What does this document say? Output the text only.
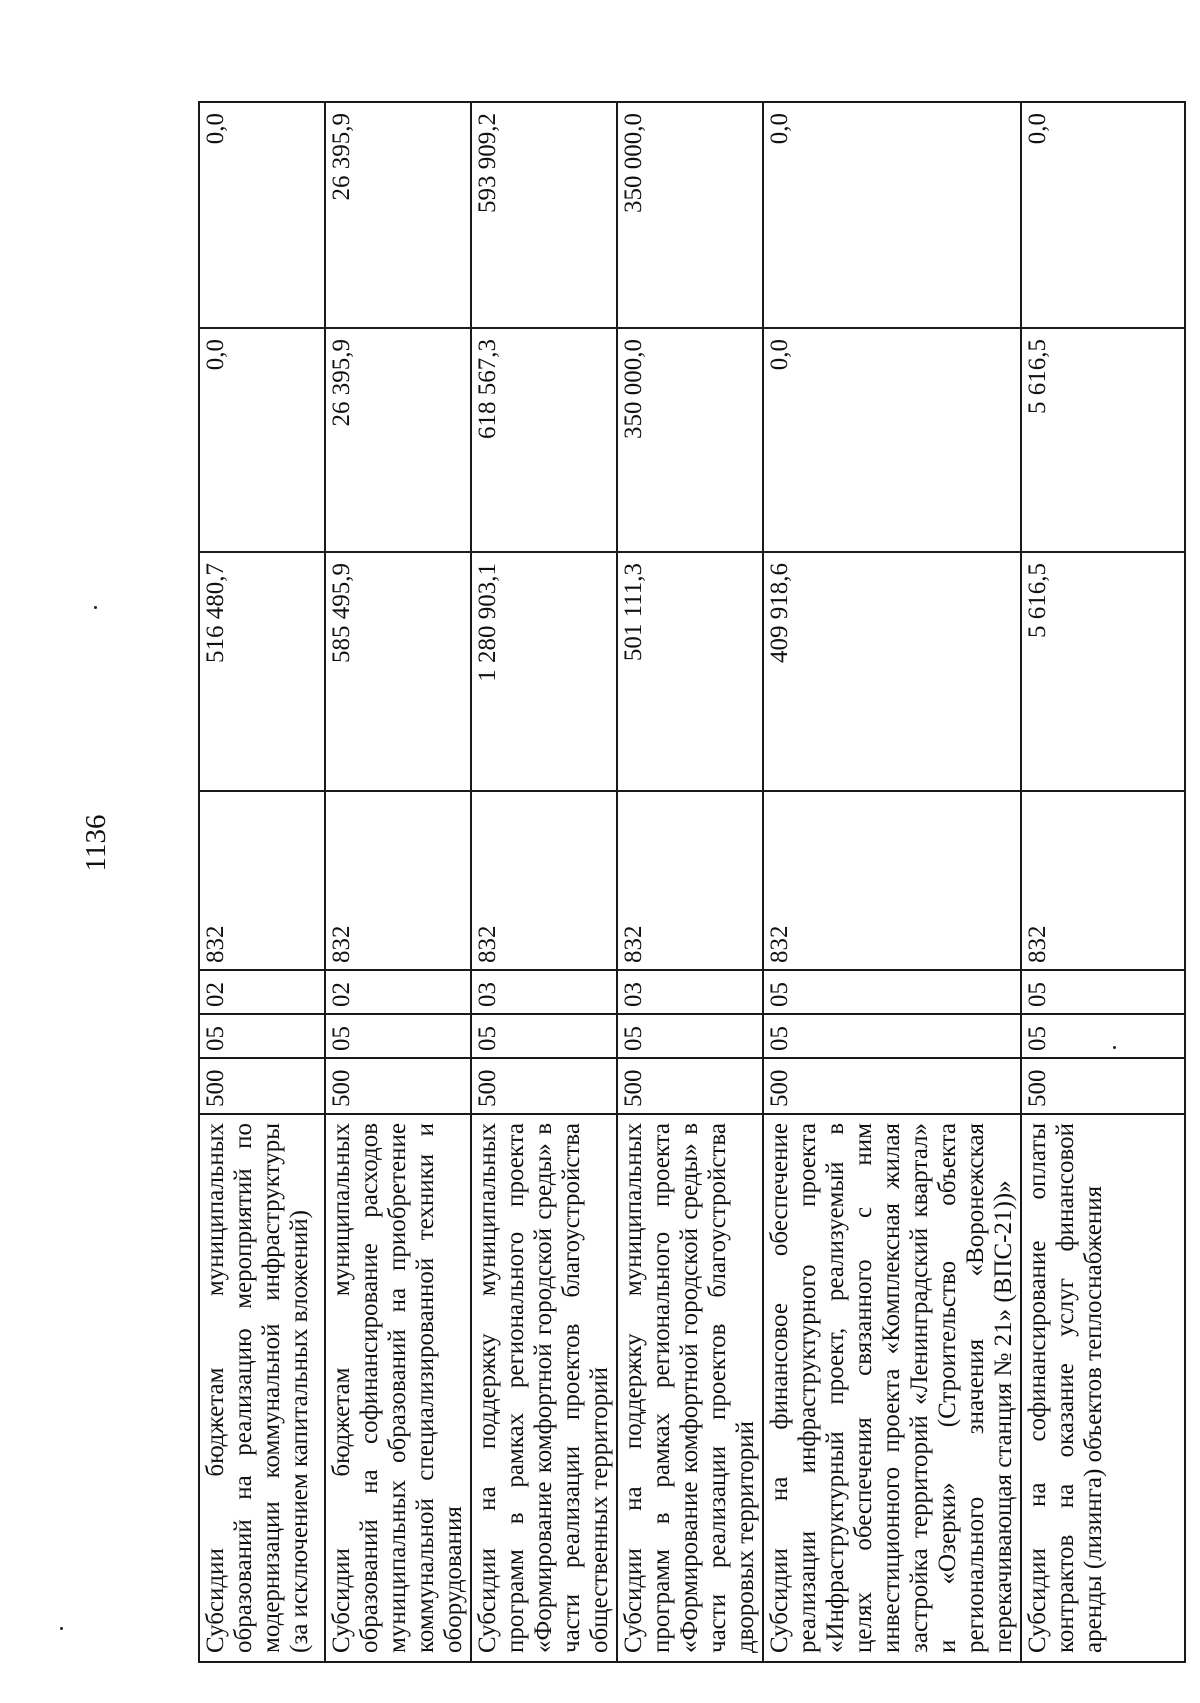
1136
Субсидии бюджетам муниципальных образований на реализацию мероприятий по модернизации коммунальной инфраструктуры (за исключением капитальных вложений)	500	05	02	832	516 480,7	0,0	0,0
Субсидии бюджетам муниципальных образований на софинансирование расходов муниципальных образований на приобретение коммунальной специализированной техники и оборудования	500	05	02	832	585 495,9	26 395,9	26 395,9
Субсидии на поддержку муниципальных программ в рамках регионального проекта «Формирование комфортной городской среды» в части реализации проектов благоустройства общественных территорий	500	05	03	832	1 280 903,1	618 567,3	593 909,2
Субсидии на поддержку муниципальных программ в рамках регионального проекта «Формирование комфортной городской среды» в части реализации проектов благоустройства дворовых территорий	500	05	03	832	501 111,3	350 000,0	350 000,0
Субсидии на финансовое обеспечение реализации инфраструктурного проекта «Инфраструктурный проект, реализуемый в целях обеспечения связанного с ним инвестиционного проекта «Комплексная жилая застройка территорий «Ленинградский квартал» и «Озерки» (Строительство объекта регионального значения «Воронежская перекачивающая станция № 21» (ВПС-21))»	500	05	05	832	409 918,6	0,0	0,0
Субсидии на софинансирование оплаты контрактов на оказание услуг финансовой аренды (лизинга) объектов теплоснабжения	500	05	05	832	5 616,5	5 616,5	0,0
